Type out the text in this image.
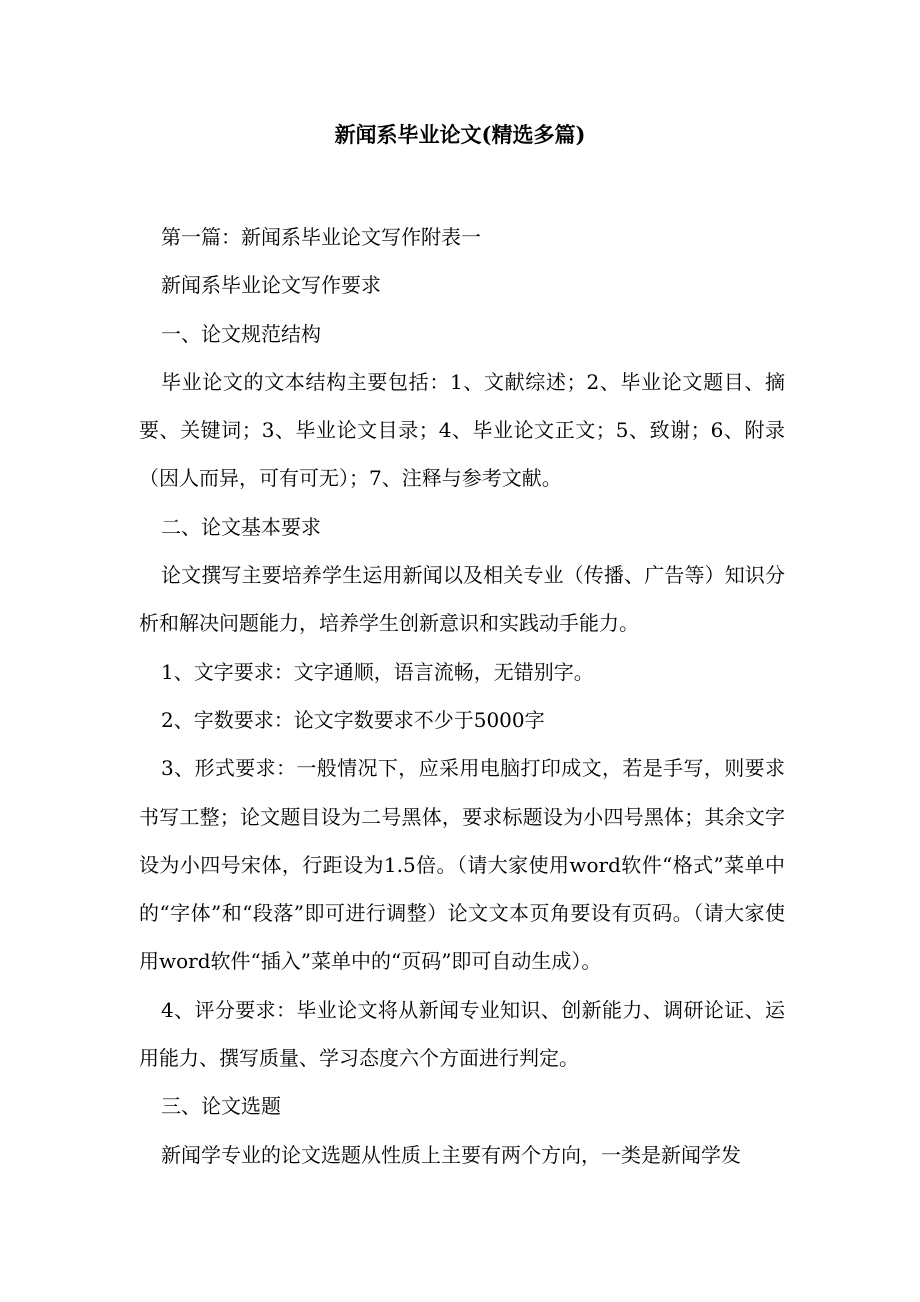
新闻系毕业论文(精选多篇)

第一篇：新闻系毕业论文写作附表一

新闻系毕业论文写作要求

一、论文规范结构

毕业论文的文本结构主要包括：1、文献综述；2、毕业论文题目、摘要、关键词；3、毕业论文目录；4、毕业论文正文；5、致谢；6、附录（因人而异，可有可无）；7、注释与参考文献。

二、论文基本要求

论文撰写主要培养学生运用新闻以及相关专业（传播、广告等）知识分析和解决问题能力，培养学生创新意识和实践动手能力。

1、文字要求：文字通顺，语言流畅，无错别字。

2、字数要求：论文字数要求不少于5000字

3、形式要求：一般情况下，应采用电脑打印成文，若是手写，则要求书写工整；论文题目设为二号黑体，要求标题设为小四号黑体；其余文字设为小四号宋体，行距设为1.5倍。（请大家使用word软件“格式”菜单中的“字体”和“段落”即可进行调整）论文文本页角要设有页码。（请大家使用word软件“插入”菜单中的“页码”即可自动生成）。

4、评分要求：毕业论文将从新闻专业知识、创新能力、调研论证、运用能力、撰写质量、学习态度六个方面进行判定。

三、论文选题

新闻学专业的论文选题从性质上主要有两个方向，一类是新闻学发
